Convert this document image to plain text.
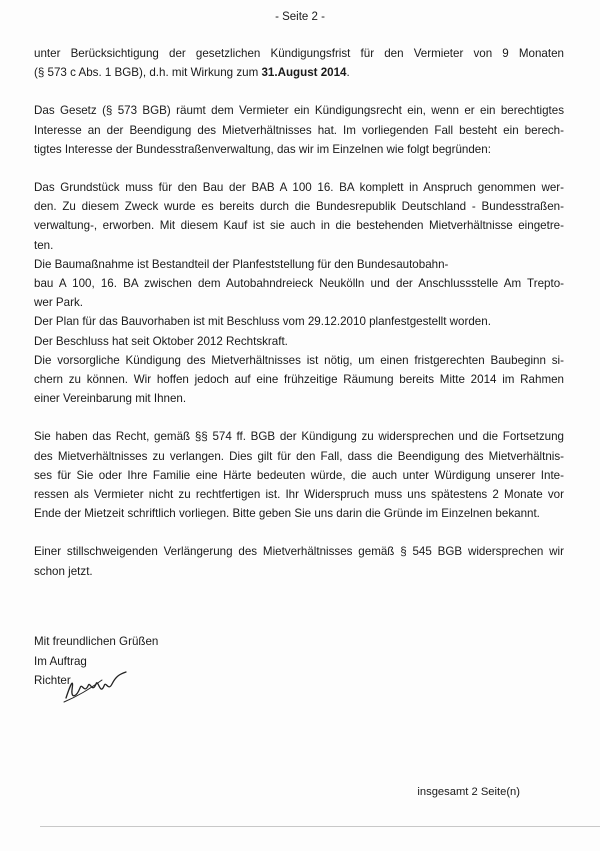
- Seite 2 -
unter Berücksichtigung der gesetzlichen Kündigungsfrist für den Vermieter von 9 Monaten
(§ 573 c Abs. 1 BGB), d.h. mit Wirkung zum 31.August 2014.
Das Gesetz (§ 573 BGB) räumt dem Vermieter ein Kündigungsrecht ein, wenn er ein berechtigtes
Interesse an der Beendigung des Mietverhältnisses hat. Im vorliegenden Fall besteht ein berech-
tigtes Interesse der Bundesstraßenverwaltung, das wir im Einzelnen wie folgt begründen:
Das Grundstück muss für den Bau der BAB A 100 16. BA komplett in Anspruch genommen wer-
den. Zu diesem Zweck wurde es bereits durch die Bundesrepublik Deutschland - Bundesstraßen-
verwaltung-, erworben. Mit diesem Kauf ist sie auch in die bestehenden Mietverhältnisse eingetre-
ten.
Die Baumaßnahme ist Bestandteil der Planfeststellung für den Bundesautobahn-
bau A 100, 16. BA zwischen dem Autobahndreieck Neukölln und der Anschlussstelle Am Trepto-
wer Park.
Der Plan für das Bauvorhaben ist mit Beschluss vom 29.12.2010 planfestgestellt worden.
Der Beschluss hat seit Oktober 2012 Rechtskraft.
Die vorsorgliche Kündigung des Mietverhältnisses ist nötig, um einen fristgerechten Baubeginn si-
chern zu können. Wir hoffen jedoch auf eine frühzeitige Räumung bereits Mitte 2014 im Rahmen
einer Vereinbarung mit Ihnen.
Sie haben das Recht, gemäß §§ 574 ff. BGB der Kündigung zu widersprechen und die Fortsetzung
des Mietverhältnisses zu verlangen. Dies gilt für den Fall, dass die Beendigung des Mietverhältnis-
ses für Sie oder Ihre Familie eine Härte bedeuten würde, die auch unter Würdigung unserer Inte-
ressen als Vermieter nicht zu rechtfertigen ist. Ihr Widerspruch muss uns spätestens 2 Monate vor
Ende der Mietzeit schriftlich vorliegen. Bitte geben Sie uns darin die Gründe im Einzelnen bekannt.
Einer stillschweigenden Verlängerung des Mietverhältnisses gemäß § 545 BGB widersprechen wir
schon jetzt.
Mit freundlichen Grüßen
Im Auftrag
Richter
insgesamt 2 Seite(n)
